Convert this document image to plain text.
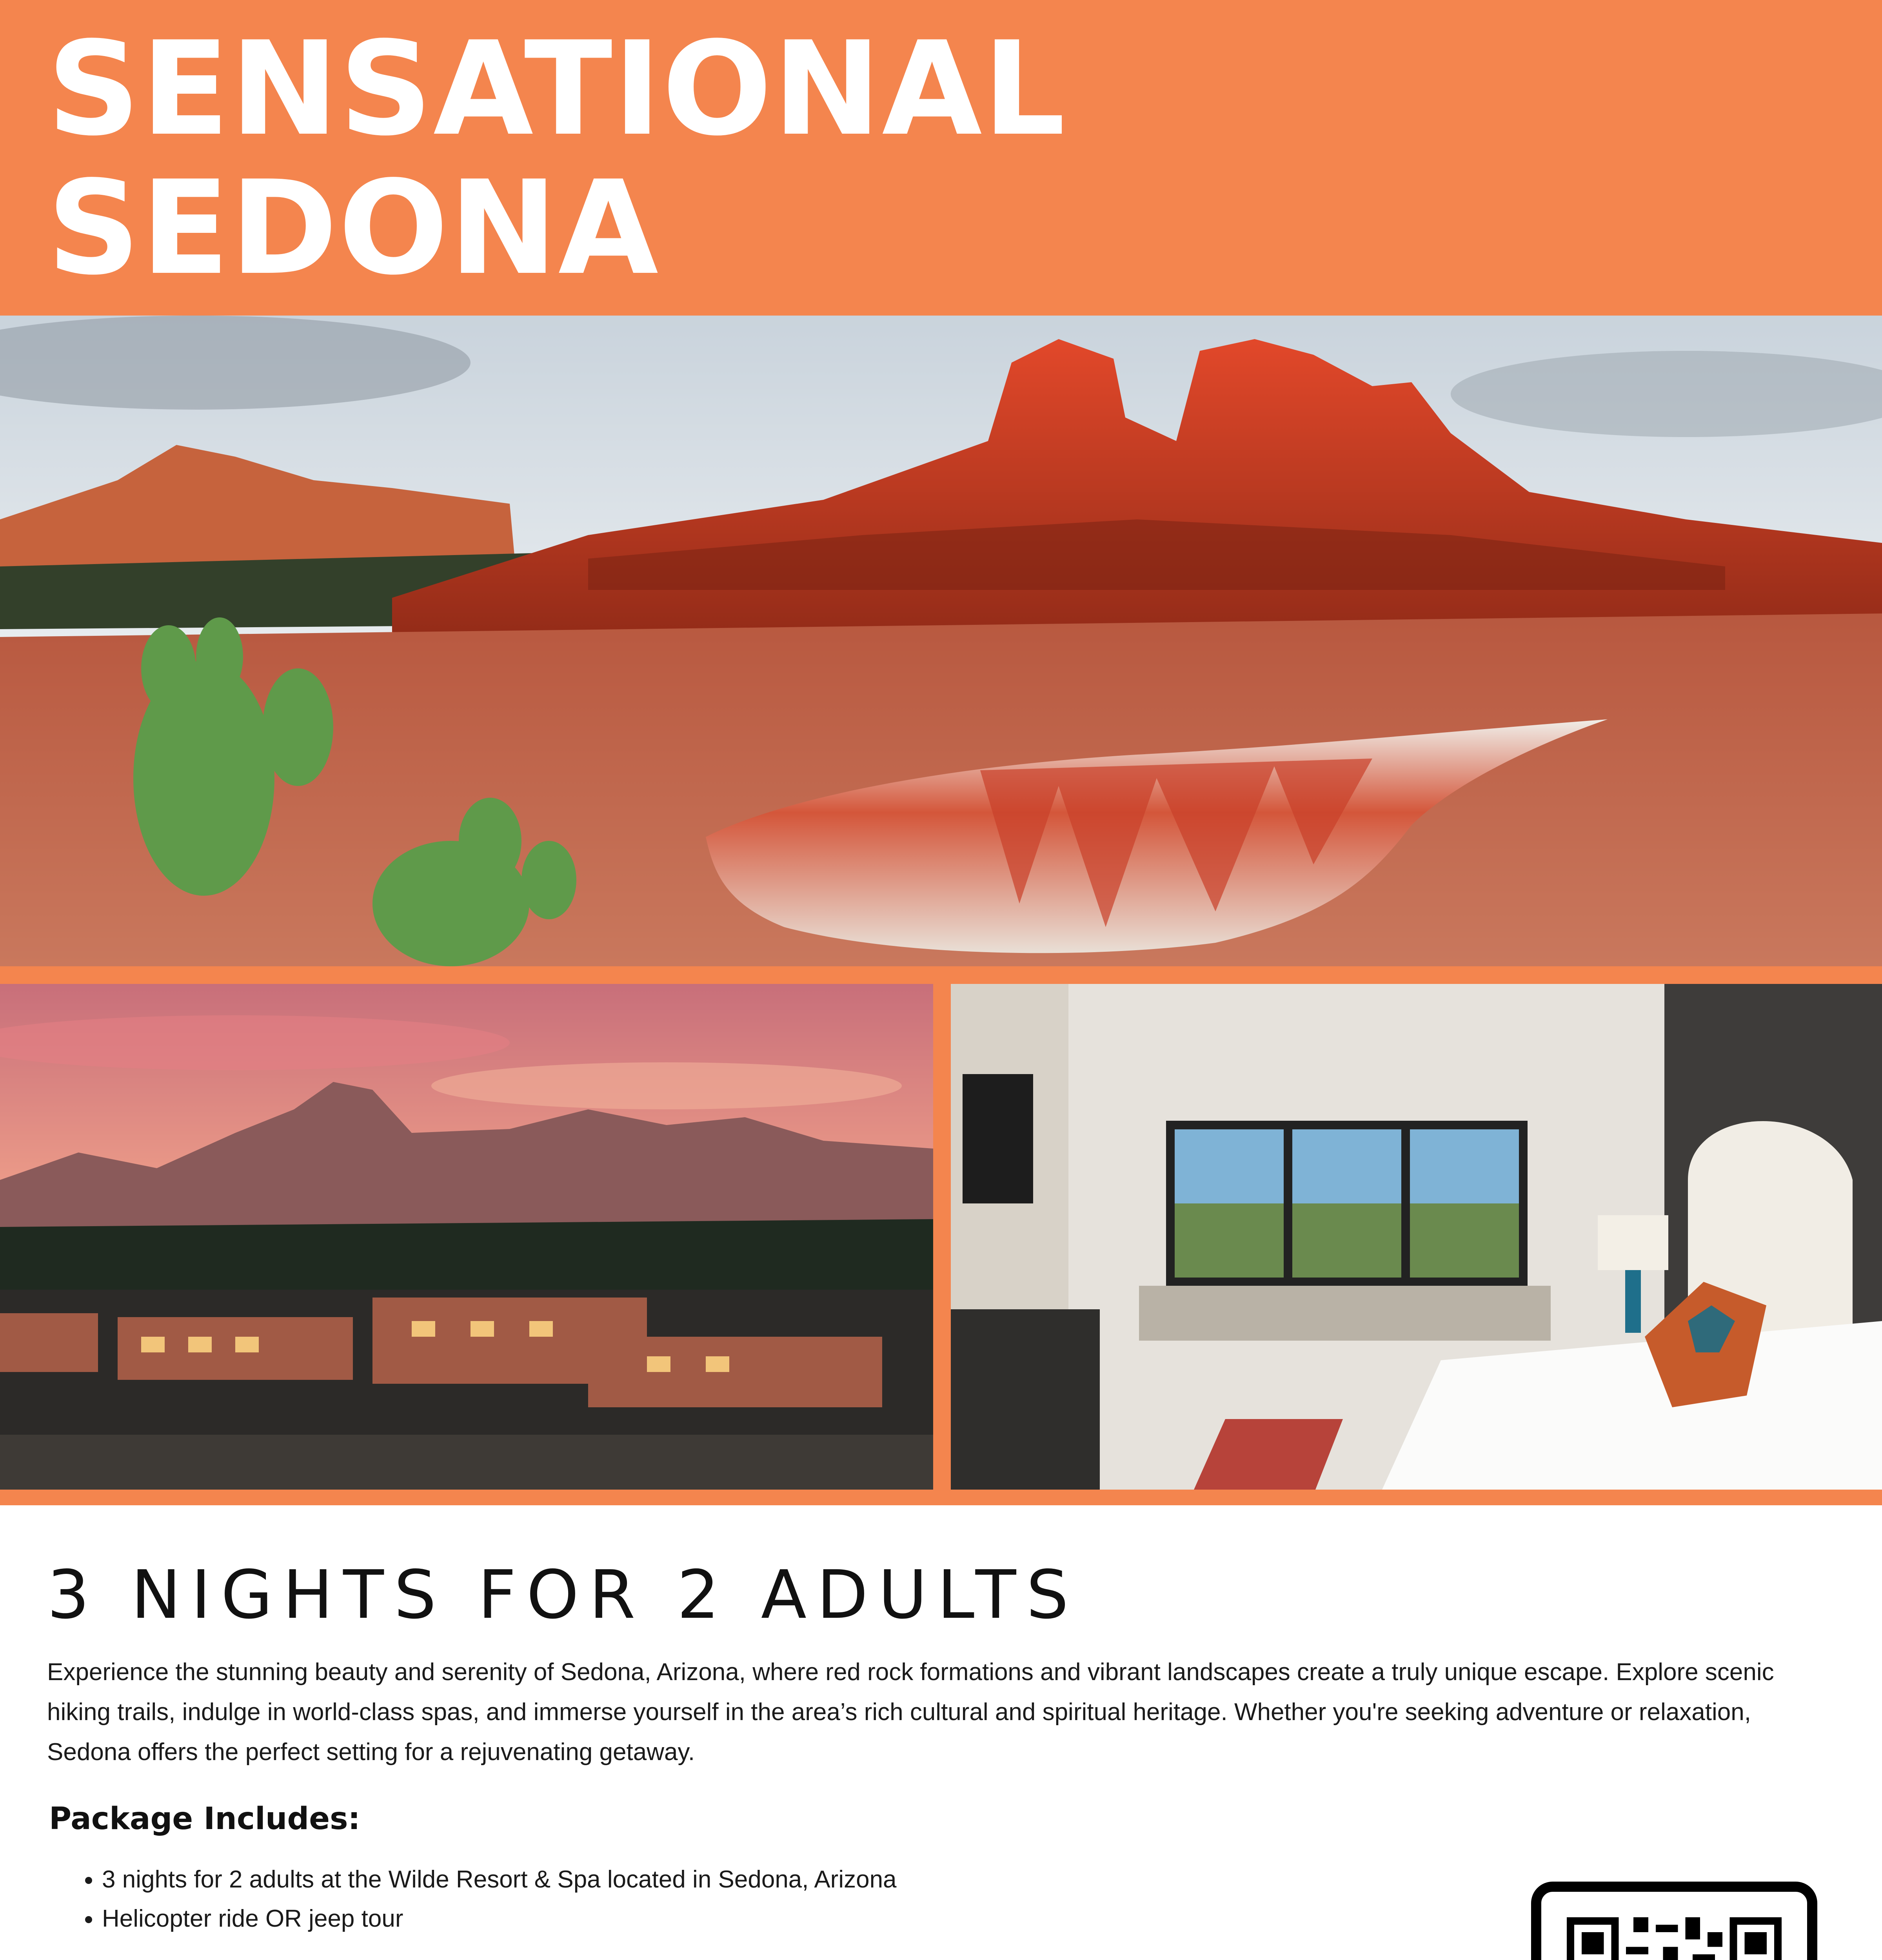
SENSATIONAL
SEDONA
3 NIGHTS FOR 2 ADULTS

Experience the stunning beauty and serenity of Sedona, Arizona, where red rock formations and vibrant landscapes create a truly unique escape. Explore scenic hiking trails, indulge in world-class spas, and immerse yourself in the area’s rich cultural and spiritual heritage. Whether you're seeking adventure or relaxation, Sedona offers the perfect setting for a rejuvenating getaway.

Package Includes:
• 3 nights for 2 adults at the Wilde Resort & Spa located in Sedona, Arizona
• Helicopter ride OR jeep tour
